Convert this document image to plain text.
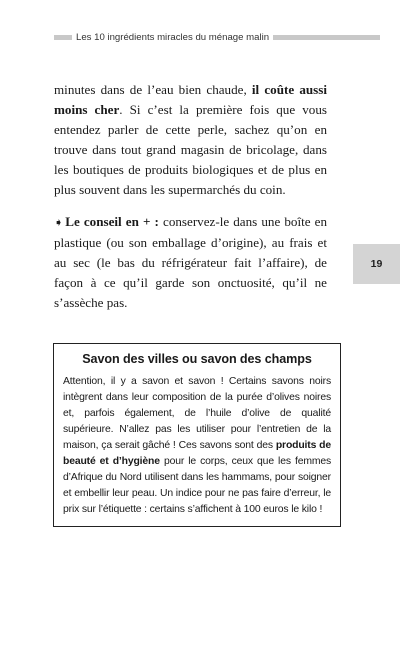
Les 10 ingrédients miracles du ménage malin

minutes dans de l’eau bien chaude, il coûte aussi moins cher. Si c’est la première fois que vous entendez parler de cette perle, sachez qu’on en trouve dans tout grand magasin de bricolage, dans les boutiques de produits biologiques et de plus en plus souvent dans les supermarchés du coin.

➧ Le conseil en + : conservez-le dans une boîte en plastique (ou son emballage d’origine), au frais et au sec (le bas du réfrigérateur fait l’affaire), de façon à ce qu’il garde son onctuosité, qu’il ne s’assèche pas.

19

Savon des villes ou savon des champs

Attention, il y a savon et savon ! Certains savons noirs intègrent dans leur composition de la purée d’olives noires et, parfois également, de l’huile d’olive de qualité supérieure. N’allez pas les utiliser pour l’entretien de la maison, ça serait gâché ! Ces savons sont des produits de beauté et d’hygiène pour le corps, ceux que les femmes d’Afrique du Nord utilisent dans les hammams, pour soigner et embellir leur peau. Un indice pour ne pas faire d’erreur, le prix sur l’étiquette : certains s’affichent à 100 euros le kilo !
